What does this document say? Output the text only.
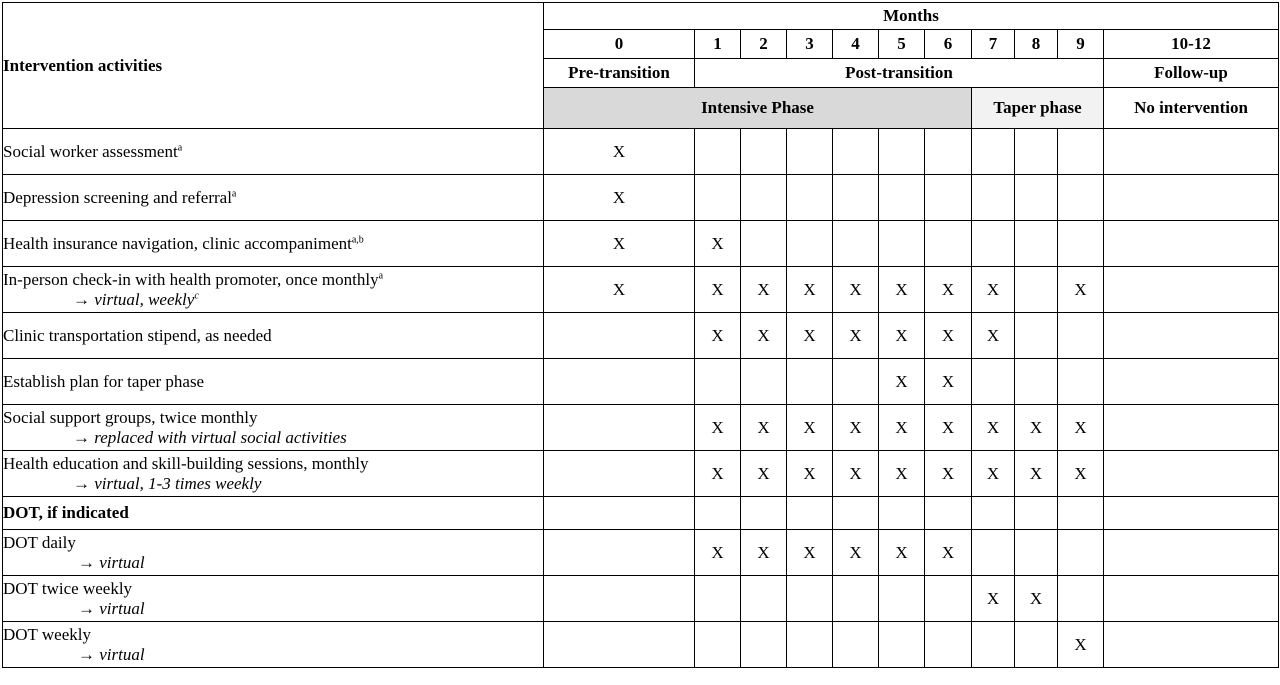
Intervention activities	Months										
	0	1	2	3	4	5	6	7	8	9	10-12
	Pre-transition	Post-transition									Follow-up
	Intensive Phase							Taper phase			No intervention
Social worker assessment$^a$	X										
Depression screening and referral$^a$	X										
Health insurance navigation, clinic accompaniment$^{a,b}$	X	X									
In-person check-in with health promoter, once monthly$^a$
→ virtual, weekly$^c$	X	X	X	X	X	X	X	X		X	
Clinic transportation stipend, as needed		X	X	X	X	X	X	X			
Establish plan for taper phase						X	X				
Social support groups, twice monthly
→ replaced with virtual social activities		X	X	X	X	X	X	X	X	X	
Health education and skill-building sessions, monthly
→ virtual, 1-3 times weekly		X	X	X	X	X	X	X	X	X	
DOT, if indicated											
DOT daily
→ virtual		X	X	X	X	X	X				
DOT twice weekly
→ virtual								X	X		
DOT weekly
→ virtual										X	
